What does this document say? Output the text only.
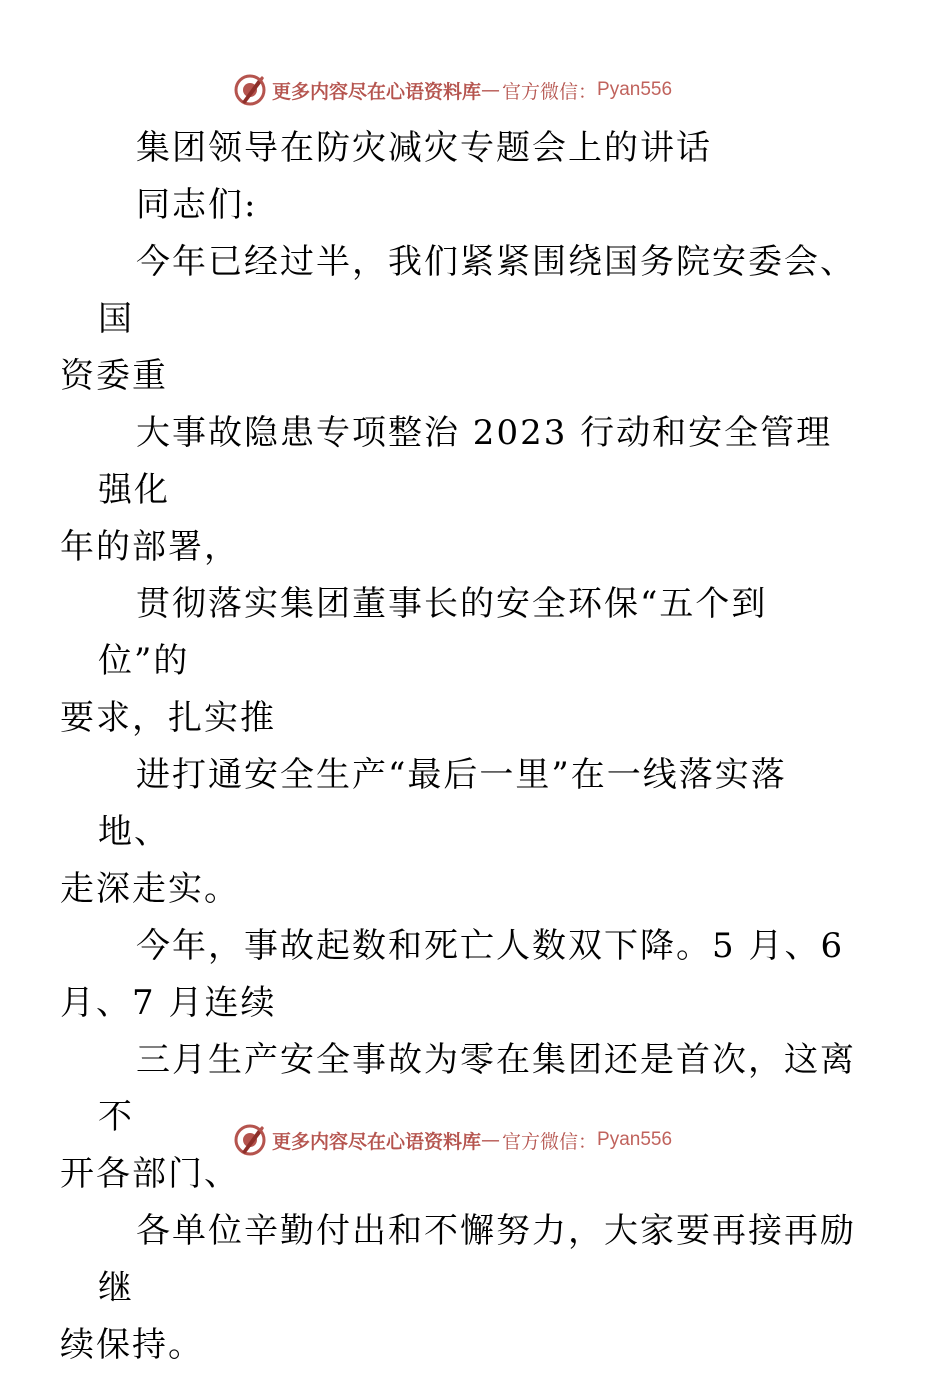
更多内容尽在心语资料库 — 官方微信： Pyan556

集团领导在防灾减灾专题会上的讲话

同志们:

今年已经过半，我们紧紧围绕国务院安委会、国
资委重

大事故隐患专项整治 2023 行动和安全管理强化
年的部署，

贯彻落实集团董事长的安全环保“五个到位”的
要求，扎实推

进打通安全生产“最后一里”在一线落实落地、
走深走实。

今年，事故起数和死亡人数双下降。5 月、6
月、7 月连续

三月生产安全事故为零在集团还是首次，这离不
开各部门、

各单位辛勤付出和不懈努力，大家要再接再励继
续保持。

更多内容尽在心语资料库 — 官方微信： Pyan556
